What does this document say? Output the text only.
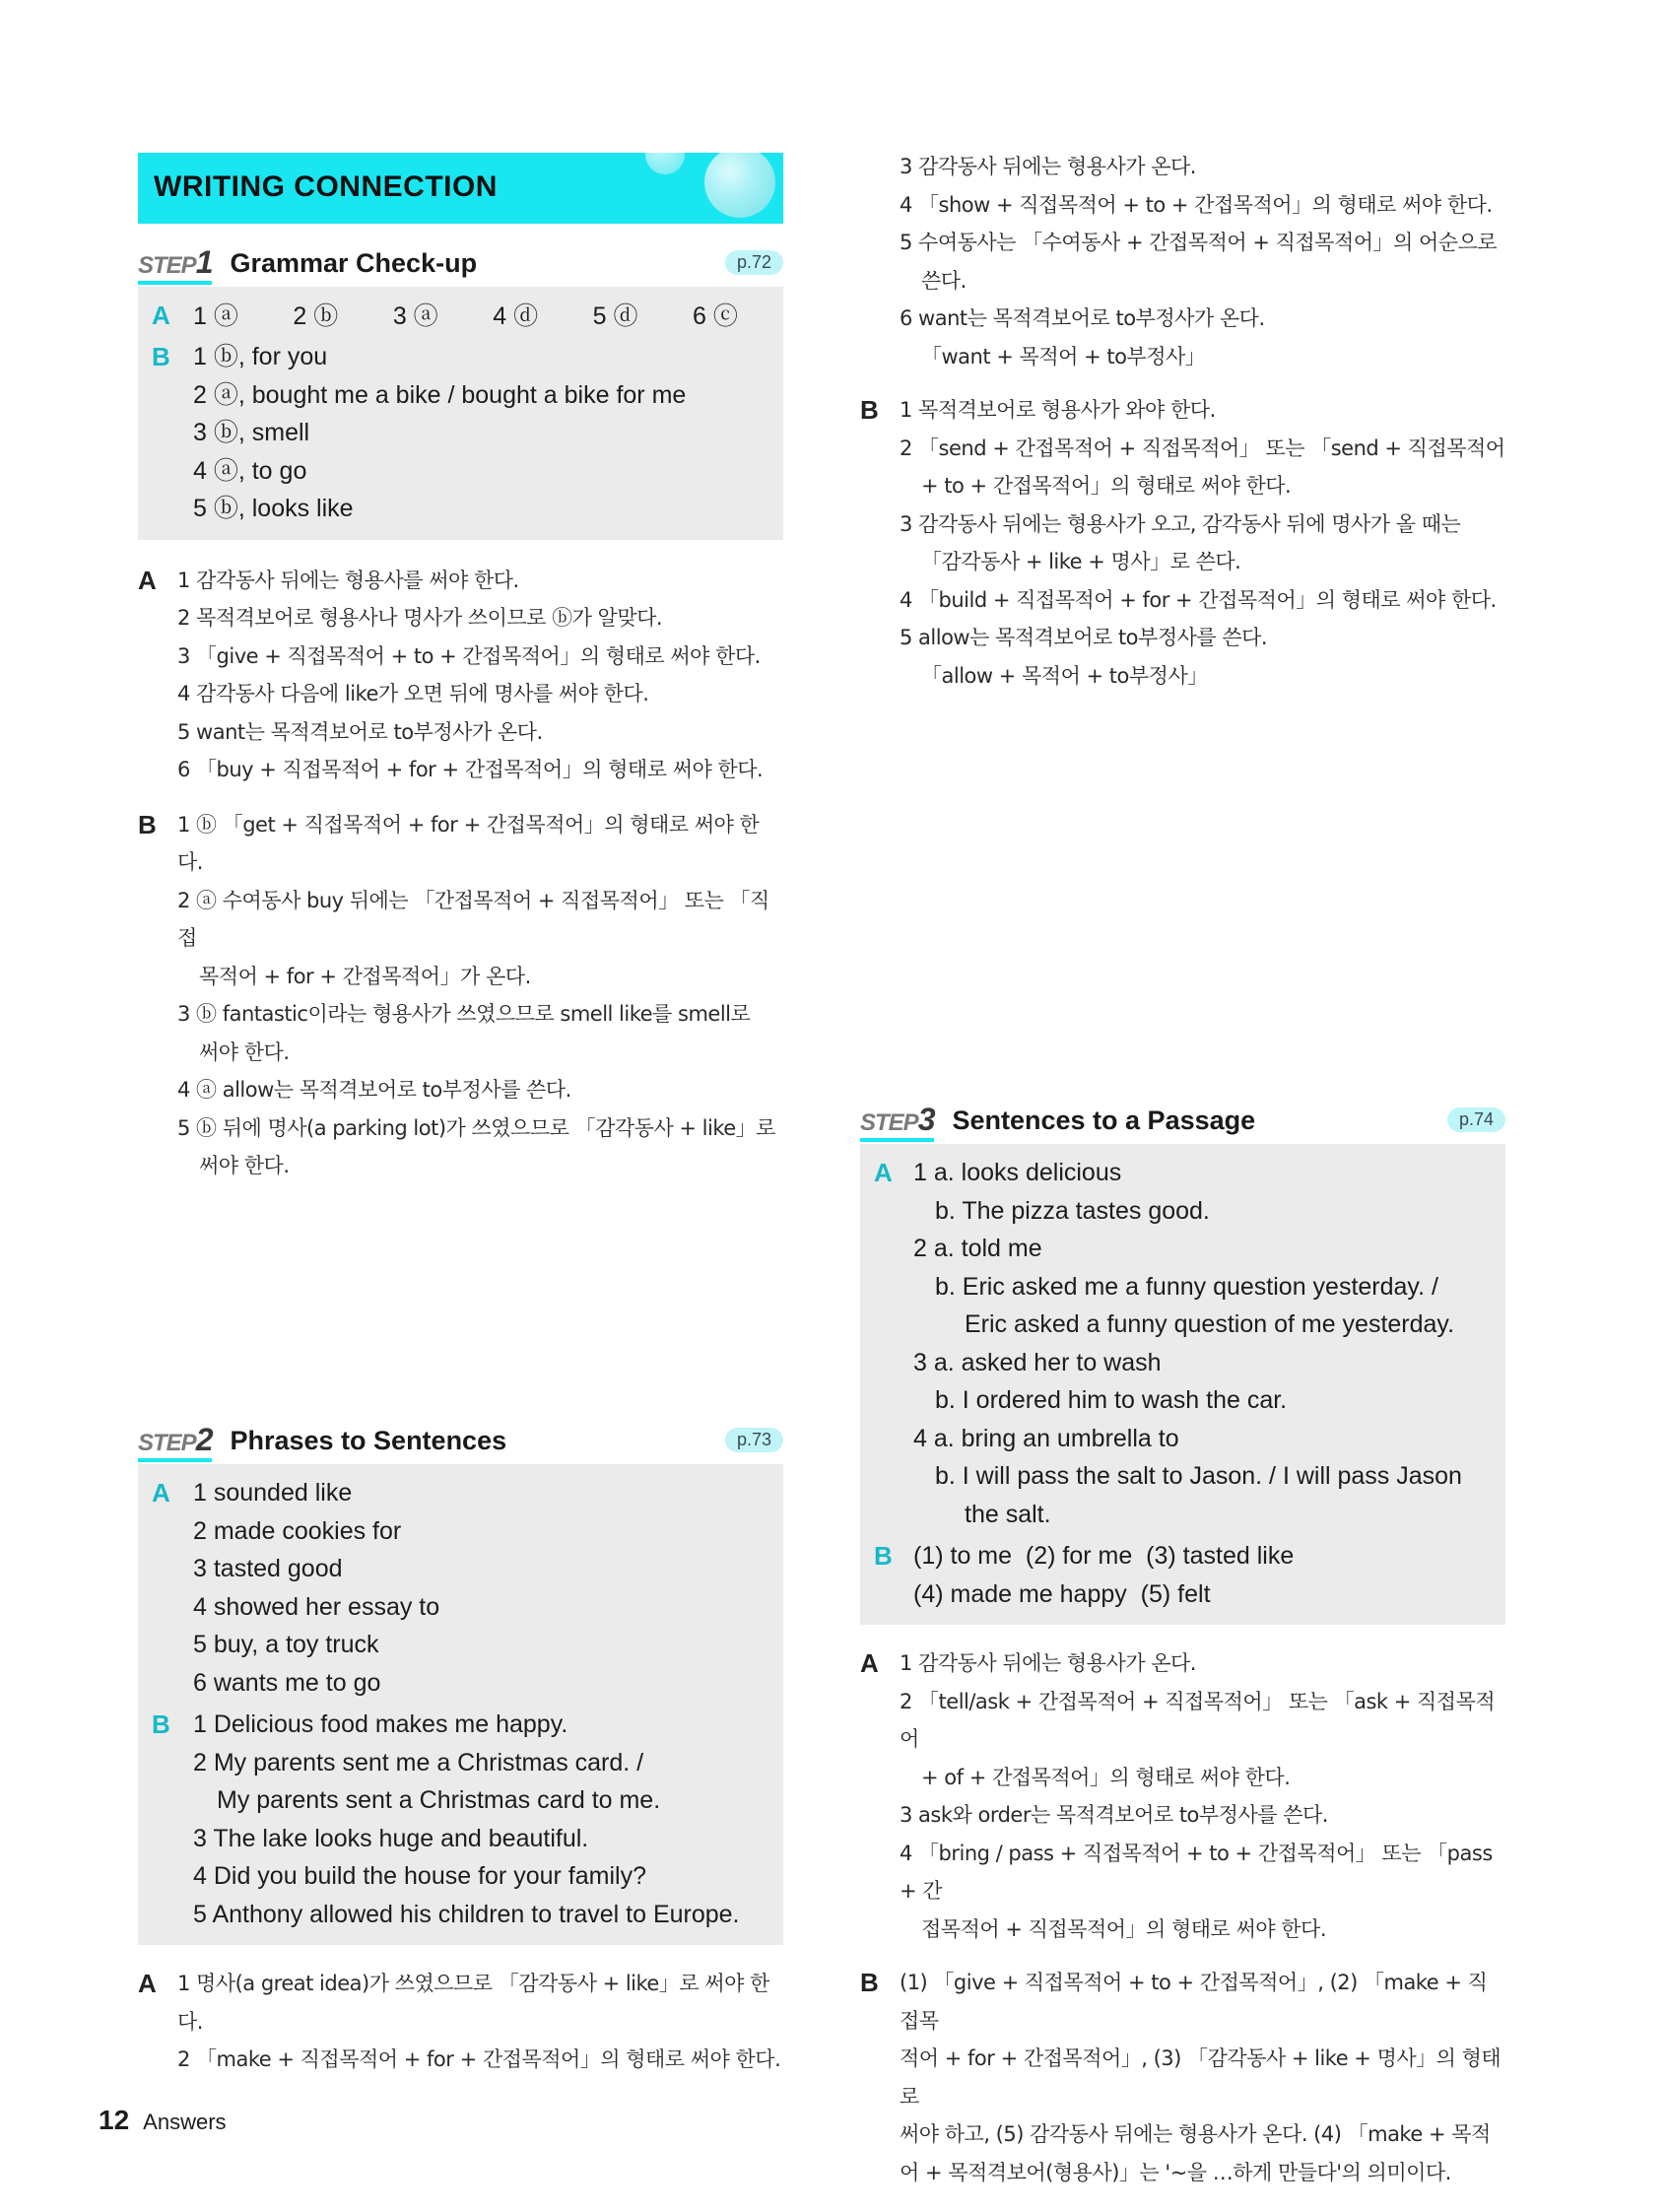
WRITING CONNECTION
STEP1 Grammar Check-up	p.72
A 1 ⓐ	2 ⓑ	3 ⓐ	4 ⓓ	5 ⓓ	6 ⓒ
B 1 ⓑ, for you
2 ⓐ, bought me a bike / bought a bike for me
3 ⓑ, smell
4 ⓐ, to go
5 ⓑ, looks like
A 1 감각동사 뒤에는 형용사를 써야 한다.
2 목적격보어로 형용사나 명사가 쓰이므로 ⓑ가 알맞다.
3 「give + 직접목적어 + to + 간접목적어」의 형태로 써야 한다.
4 감각동사 다음에 like가 오면 뒤에 명사를 써야 한다.
5 want는 목적격보어로 to부정사가 온다.
6 「buy + 직접목적어 + for + 간접목적어」의 형태로 써야 한다.
B 1 ⓑ 「get + 직접목적어 + for + 간접목적어」의 형태로 써야 한다.
2 ⓐ 수여동사 buy 뒤에는 「간접목적어 + 직접목적어」 또는 「직접
목적어 + for + 간접목적어」가 온다.
3 ⓑ fantastic이라는 형용사가 쓰였으므로 smell like를 smell로
써야 한다.
4 ⓐ allow는 목적격보어로 to부정사를 쓴다.
5 ⓑ 뒤에 명사(a parking lot)가 쓰였으므로 「감각동사 + like」로
써야 한다.
STEP2 Phrases to Sentences	p.73
A 1 sounded like
2 made cookies for
3 tasted good
4 showed her essay to
5 buy, a toy truck
6 wants me to go
B 1 Delicious food makes me happy.
2 My parents sent me a Christmas card. /
My parents sent a Christmas card to me.
3 The lake looks huge and beautiful.
4 Did you build the house for your family?
5 Anthony allowed his children to travel to Europe.
A 1 명사(a great idea)가 쓰였으므로 「감각동사 + like」로 써야 한다.
2 「make + 직접목적어 + for + 간접목적어」의 형태로 써야 한다.
3 감각동사 뒤에는 형용사가 온다.
4 「show + 직접목적어 + to + 간접목적어」의 형태로 써야 한다.
5 수여동사는 「수여동사 + 간접목적어 + 직접목적어」의 어순으로
쓴다.
6 want는 목적격보어로 to부정사가 온다.
「want + 목적어 + to부정사」
B 1 목적격보어로 형용사가 와야 한다.
2 「send + 간접목적어 + 직접목적어」 또는 「send + 직접목적어
+ to + 간접목적어」의 형태로 써야 한다.
3 감각동사 뒤에는 형용사가 오고, 감각동사 뒤에 명사가 올 때는
「감각동사 + like + 명사」로 쓴다.
4 「build + 직접목적어 + for + 간접목적어」의 형태로 써야 한다.
5 allow는 목적격보어로 to부정사를 쓴다.
「allow + 목적어 + to부정사」
STEP3 Sentences to a Passage	p.74
A 1 a. looks delicious
b. The pizza tastes good.
2 a. told me
b. Eric asked me a funny question yesterday. /
Eric asked a funny question of me yesterday.
3 a. asked her to wash
b. I ordered him to wash the car.
4 a. bring an umbrella to
b. I will pass the salt to Jason. / I will pass Jason
the salt.
B (1) to me  (2) for me  (3) tasted like
(4) made me happy  (5) felt
A 1 감각동사 뒤에는 형용사가 온다.
2 「tell/ask + 간접목적어 + 직접목적어」 또는 「ask + 직접목적어
+ of + 간접목적어」의 형태로 써야 한다.
3 ask와 order는 목적격보어로 to부정사를 쓴다.
4 「bring / pass + 직접목적어 + to + 간접목적어」 또는 「pass + 간
접목적어 + 직접목적어」의 형태로 써야 한다.
B (1) 「give + 직접목적어 + to + 간접목적어」, (2) 「make + 직접목
적어 + for + 간접목적어」, (3) 「감각동사 + like + 명사」의 형태로
써야 하고, (5) 감각동사 뒤에는 형용사가 온다. (4) 「make + 목적
어 + 목적격보어(형용사)」는 '~을 …하게 만들다'의 의미이다.
12 Answers
